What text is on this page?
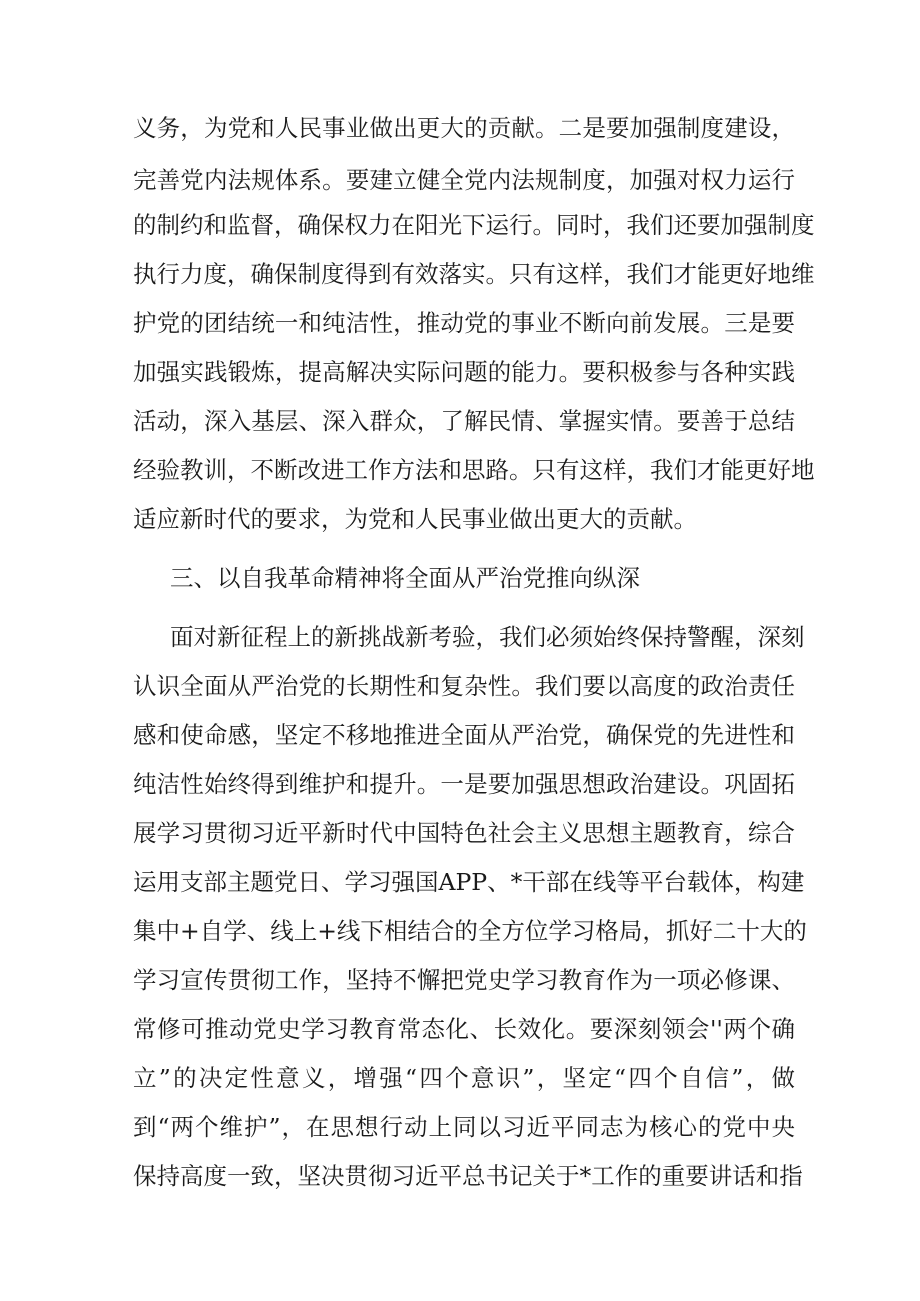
义务，为党和人民事业做出更大的贡献。二是要加强制度建设，
完善党内法规体系。要建立健全党内法规制度，加强对权力运行
的制约和监督，确保权力在阳光下运行。同时，我们还要加强制度
执行力度，确保制度得到有效落实。只有这样，我们才能更好地维
护党的团结统一和纯洁性，推动党的事业不断向前发展。三是要
加强实践锻炼，提高解决实际问题的能力。要积极参与各种实践
活动，深入基层、深入群众，了解民情、掌握实情。要善于总结
经验教训，不断改进工作方法和思路。只有这样，我们才能更好地
适应新时代的要求，为党和人民事业做出更大的贡献。
三、以自我革命精神将全面从严治党推向纵深
面对新征程上的新挑战新考验，我们必须始终保持警醒，深刻
认识全面从严治党的长期性和复杂性。我们要以高度的政治责任
感和使命感，坚定不移地推进全面从严治党，确保党的先进性和
纯洁性始终得到维护和提升。一是要加强思想政治建设。巩固拓
展学习贯彻习近平新时代中国特色社会主义思想主题教育，综合
运用支部主题党日、学习强国APP、*干部在线等平台载体，构建
集中+自学、线上+线下相结合的全方位学习格局，抓好二十大的
学习宣传贯彻工作，坚持不懈把党史学习教育作为一项必修课、
常修可推动党史学习教育常态化、长效化。要深刻领会''两个确
立”的决定性意义，增强“四个意识”，坚定“四个自信”，做
到“两个维护”，在思想行动上同以习近平同志为核心的党中央
保持高度一致，坚决贯彻习近平总书记关于*工作的重要讲话和指
